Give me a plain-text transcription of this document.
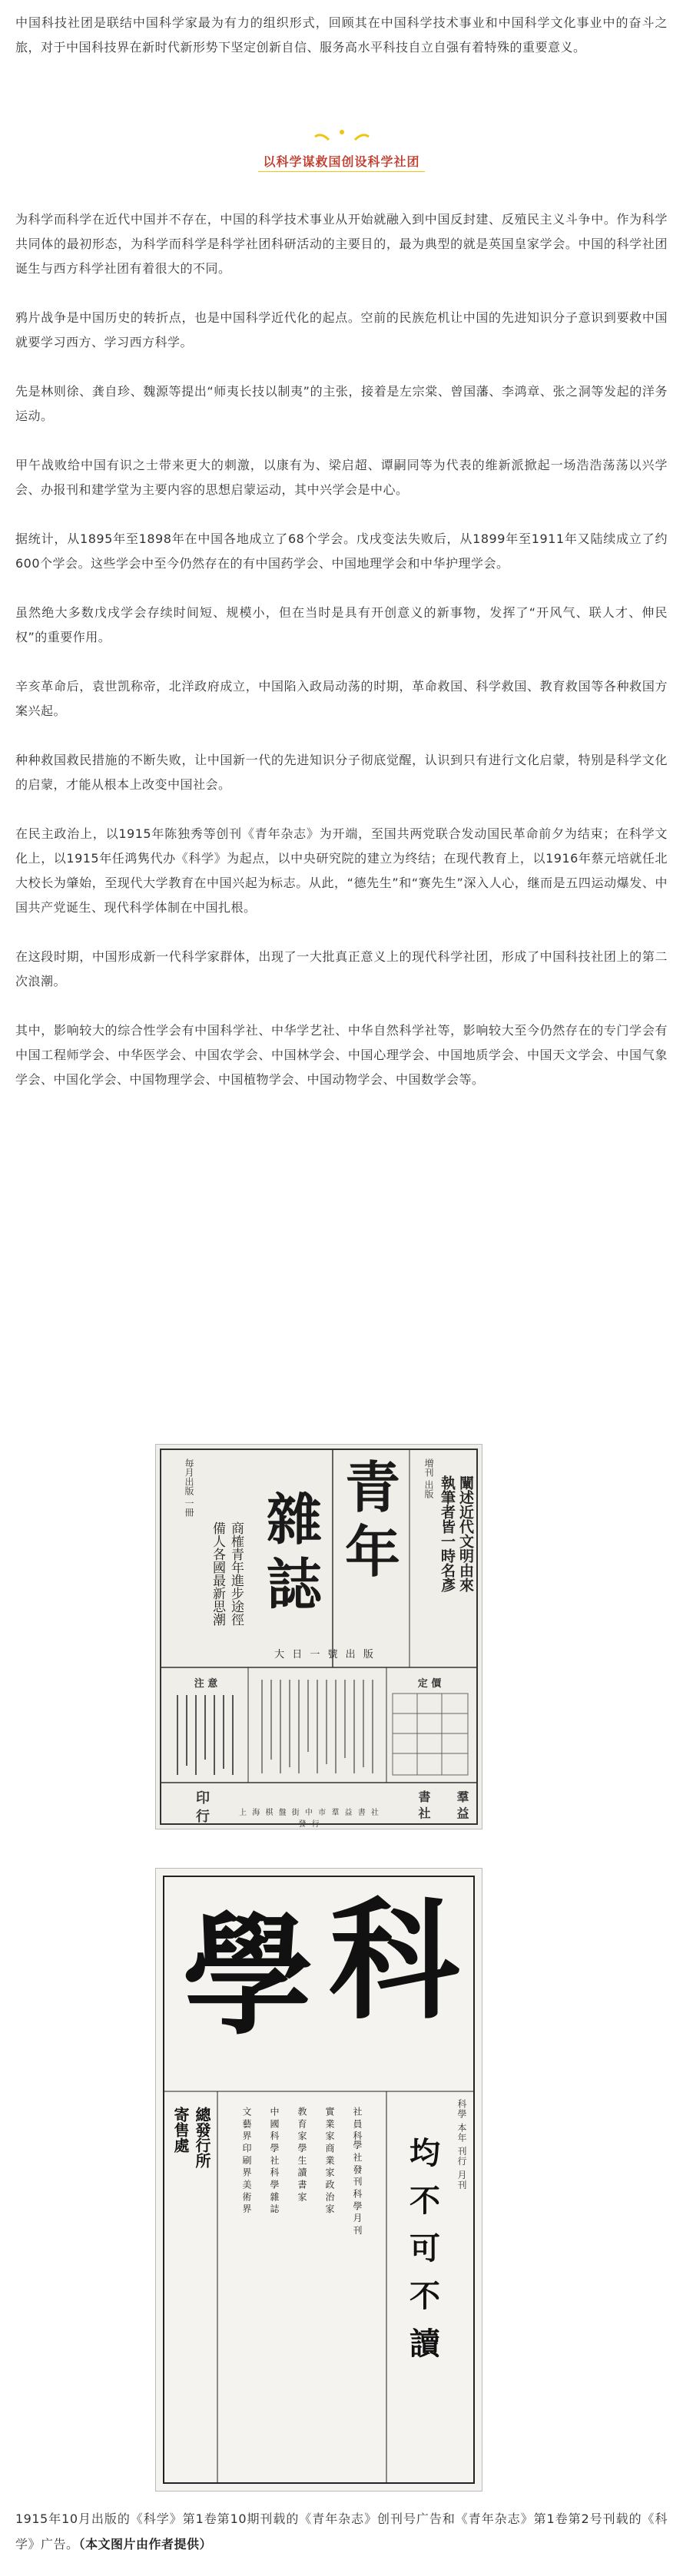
中国科技社团是联结中国科学家最为有力的组织形式，回顾其在中国科学技术事业和中国科学文化事业中的奋斗之旅，对于中国科技界在新时代新形势下坚定创新自信、服务高水平科技自立自强有着特殊的重要意义。

以科学谋救国创设科学社团

为科学而科学在近代中国并不存在，中国的科学技术事业从开始就融入到中国反封建、反殖民主义斗争中。作为科学共同体的最初形态，为科学而科学是科学社团科研活动的主要目的，最为典型的就是英国皇家学会。中国的科学社团诞生与西方科学社团有着很大的不同。

鸦片战争是中国历史的转折点，也是中国科学近代化的起点。空前的民族危机让中国的先进知识分子意识到要救中国就要学习西方、学习西方科学。

先是林则徐、龚自珍、魏源等提出“师夷长技以制夷”的主张，接着是左宗棠、曾国藩、李鸿章、张之洞等发起的洋务运动。

甲午战败给中国有识之士带来更大的刺激，以康有为、梁启超、谭嗣同等为代表的维新派掀起一场浩浩荡荡以兴学会、办报刊和建学堂为主要内容的思想启蒙运动，其中兴学会是中心。

据统计，从1895年至1898年在中国各地成立了68个学会。戊戌变法失败后，从1899年至1911年又陆续成立了约600个学会。这些学会中至今仍然存在的有中国药学会、中国地理学会和中华护理学会。

虽然绝大多数戊戌学会存续时间短、规模小，但在当时是具有开创意义的新事物，发挥了“开风气、联人才、伸民权”的重要作用。

辛亥革命后，袁世凯称帝，北洋政府成立，中国陷入政局动荡的时期，革命救国、科学救国、教育救国等各种救国方案兴起。

种种救国救民措施的不断失败，让中国新一代的先进知识分子彻底觉醒，认识到只有进行文化启蒙，特别是科学文化的启蒙，才能从根本上改变中国社会。

在民主政治上，以1915年陈独秀等创刊《青年杂志》为开端，至国共两党联合发动国民革命前夕为结束；在科学文化上，以1915年任鸿隽代办《科学》为起点，以中央研究院的建立为终结；在现代教育上，以1916年蔡元培就任北大校长为肇始，至现代大学教育在中国兴起为标志。从此，“德先生”和“赛先生”深入人心，继而是五四运动爆发、中国共产党诞生、现代科学体制在中国扎根。

在这段时期，中国形成新一代科学家群体，出现了一大批真正意义上的现代科学社团，形成了中国科技社团上的第二次浪潮。

其中，影响较大的综合性学会有中国科学社、中华学艺社、中华自然科学社等，影响较大至今仍然存在的专门学会有中国工程师学会、中华医学会、中国农学会、中国林学会、中国心理学会、中国地质学会、中国天文学会、中国气象学会、中国化学会、中国物理学会、中国植物学会、中国动物学会、中国数学会等。

青
年
雜
誌
毎月出版 一冊	増刊 出版 執筆者皆一時名彥 闡述近代文明由來
備人各國最新思潮 商榷青年進步途徑
大 日 一 號 出 版
注 意	定 價
印 行	書 社	羣 益
上 海 棋 盤 街 中 市 羣 益 書 社 發 行
科
學
均
不
可
不
讀
科學 本年 刊行 月刊
社 員 科學 社 發 刊 科 學 月 刊
實 業 家 商 業 家 政 治 家
教 育 家 學 生 讀 書 家
中 國 科 學 社 科 學 雜 誌
文 藝 界 印 刷 界 美 術 界
總發行所
寄售處
1915年10月出版的《科学》第1卷第10期刊载的《青年杂志》创刊号广告和《青年杂志》第1卷第2号刊载的《科学》广告。（本文图片由作者提供）
